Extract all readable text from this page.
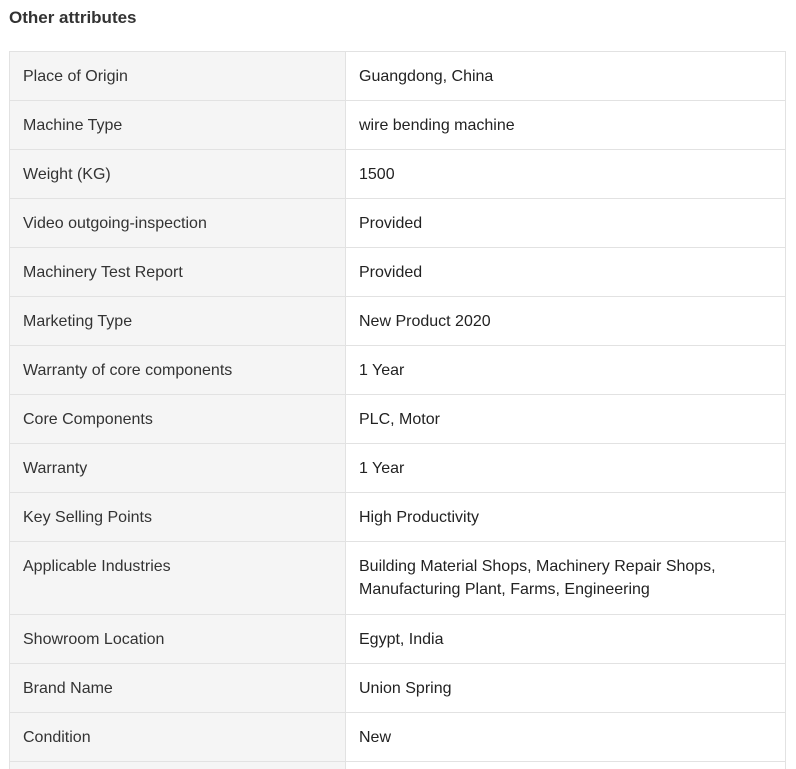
Other attributes
Place of Origin	Guangdong, China
Machine Type	wire bending machine
Weight (KG)	1500
Video outgoing-inspection	Provided
Machinery Test Report	Provided
Marketing Type	New Product 2020
Warranty of core components	1 Year
Core Components	PLC, Motor
Warranty	1 Year
Key Selling Points	High Productivity
Applicable Industries	Building Material Shops, Machinery Repair Shops, Manufacturing Plant, Farms, Engineering
Showroom Location	Egypt, India
Brand Name	Union Spring
Condition	New
